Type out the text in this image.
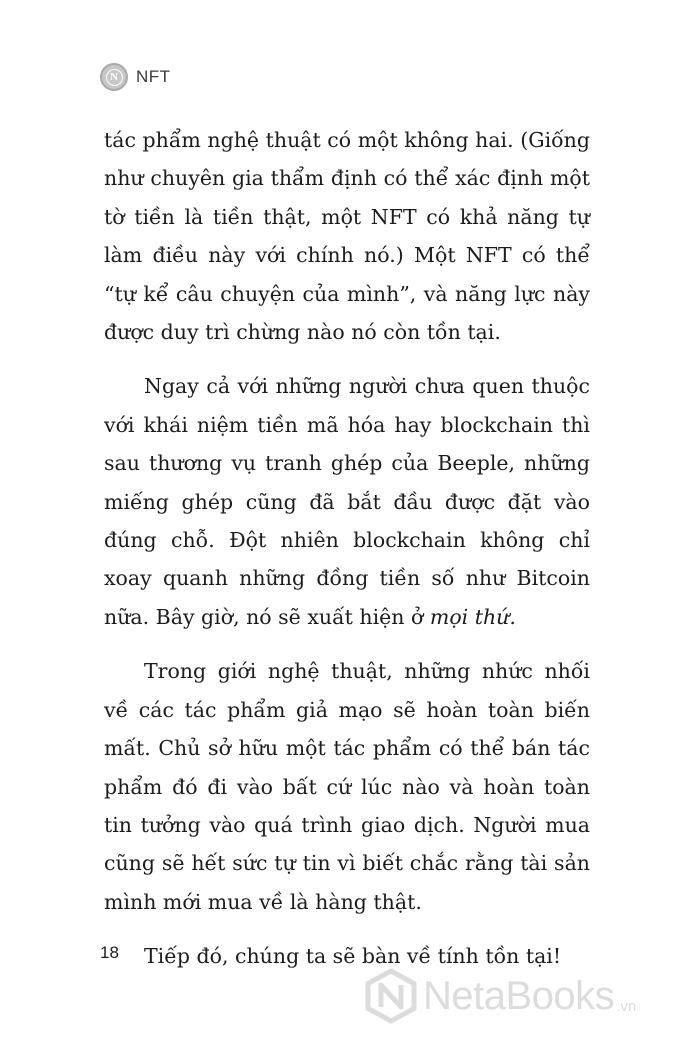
N NFT

tác phẩm nghệ thuật có một không hai. (Giống như chuyên gia thẩm định có thể xác định một tờ tiền là tiền thật, một NFT có khả năng tự làm điều này với chính nó.) Một NFT có thể “tự kể câu chuyện của mình”, và năng lực này được duy trì chừng nào nó còn tồn tại.

Ngay cả với những người chưa quen thuộc với khái niệm tiền mã hóa hay blockchain thì sau thương vụ tranh ghép của Beeple, những miếng ghép cũng đã bắt đầu được đặt vào đúng chỗ. Đột nhiên blockchain không chỉ xoay quanh những đồng tiền số như Bitcoin nữa. Bây giờ, nó sẽ xuất hiện ở mọi thứ.

Trong giới nghệ thuật, những nhức nhối về các tác phẩm giả mạo sẽ hoàn toàn biến mất. Chủ sở hữu một tác phẩm có thể bán tác phẩm đó đi vào bất cứ lúc nào và hoàn toàn tin tưởng vào quá trình giao dịch. Người mua cũng sẽ hết sức tự tin vì biết chắc rằng tài sản mình mới mua về là hàng thật.

Tiếp đó, chúng ta sẽ bàn về tính tồn tại!

18
NetaBooks .vn
